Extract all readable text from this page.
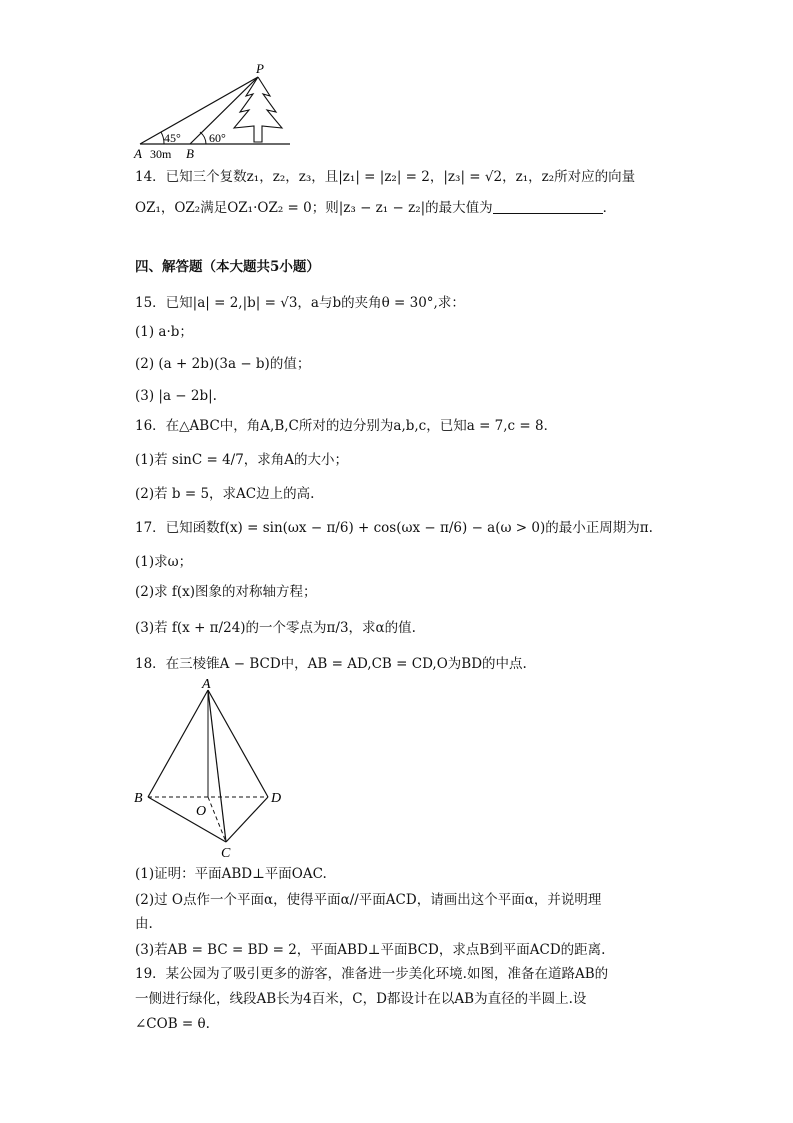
P
A	B
45° 60°
30m
14．已知三个复数z₁，z₂，z₃，且|z₁| = |z₂| = 2，|z₃| = √2，z₁，z₂所对应的向量
OZ₁，OZ₂满足OZ₁·OZ₂ = 0；则|z₃ − z₁ − z₂|的最大值为	．
四、解答题（本大题共5小题）
15．已知|a| = 2,|b| = √3，a与b的夹角θ = 30°,求：
(1) a·b；
(2) (a + 2b)(3a − b)的值；
(3) |a − 2b|.
16．在△ABC中，角A,B,C所对的边分别为a,b,c，已知a = 7,c = 8．
(1)若 sinC = 4/7，求角A的大小；
(2)若 b = 5，求AC边上的高.
17．已知函数f(x) = sin(ωx − π/6) + cos(ωx − π/6) − a(ω > 0)的最小正周期为π.
(1)求ω；
(2)求 f(x)图象的对称轴方程；
(3)若 f(x + π/24)的一个零点为π/3，求α的值.
18．在三棱锥A − BCD中，AB = AD,CB = CD,O为BD的中点.
A
B	D
C
O
(1)证明：平面ABD⊥平面OAC.
(2)过 O点作一个平面α，使得平面α//平面ACD，请画出这个平面α，并说明理
由.
(3)若AB = BC = BD = 2，平面ABD⊥平面BCD，求点B到平面ACD的距离.
19．某公园为了吸引更多的游客，准备进一步美化环境.如图，准备在道路AB的
一侧进行绿化，线段AB长为4百米，C，D都设计在以AB为直径的半圆上.设
∠COB = θ.
